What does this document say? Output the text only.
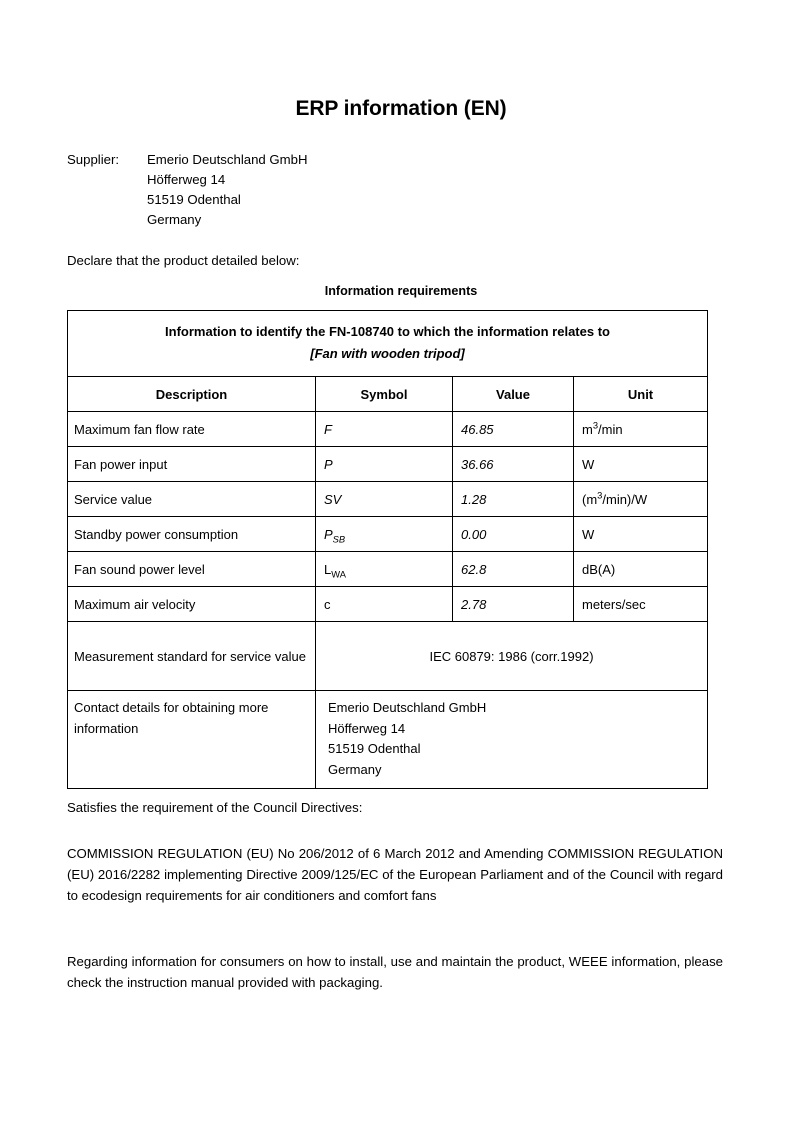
ERP information (EN)
Supplier:	Emerio Deutschland GmbH
Höfferweg 14
51519 Odenthal
Germany
Declare that the product detailed below:
Information requirements
Information to identify the FN-108740 to which the information relates to
[Fan with wooden tripod]			

Description	Symbol	Value	Unit
Maximum fan flow rate	F	46.85	$m^3/\min$
Fan power input	P	36.66	W
Service value	SV	1.28	$(m^3/\min)/W$
Standby power consumption	$P_{SB}$	0.00	W
Fan sound power level	$L_{WA}$	62.8	dB(A)
Maximum air velocity	c	2.78	meters/sec
Measurement standard for service value	IEC 60879: 1986 (corr.1992)		
Contact details for obtaining more information	Emerio Deutschland GmbH
Höfferweg 14
51519 Odenthal
Germany		
Satisfies the requirement of the Council Directives:
COMMISSION REGULATION (EU) No 206/2012 of 6 March 2012 and Amending COMMISSION REGULATION (EU) 2016/2282 implementing Directive 2009/125/EC of the European Parliament and of the Council with regard to ecodesign requirements for air conditioners and comfort fans
Regarding information for consumers on how to install, use and maintain the product, WEEE information, please check the instruction manual provided with packaging.
